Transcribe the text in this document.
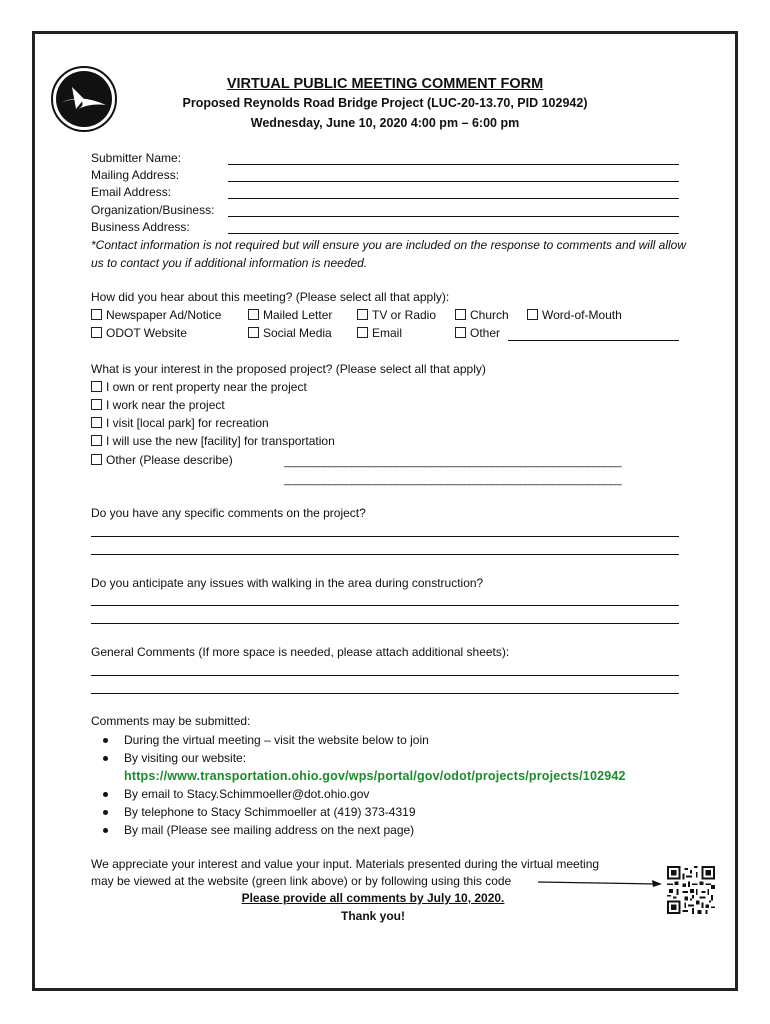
VIRTUAL PUBLIC MEETING COMMENT FORM
Proposed Reynolds Road Bridge Project (LUC-20-13.70, PID 102942)
Wednesday, June 10, 2020 4:00 pm – 6:00 pm
Submitter Name:
Mailing Address:
Email Address:
Organization/Business:
Business Address:
*Contact information is not required but will ensure you are included on the response to comments and will allow us to contact you if additional information is needed.
How did you hear about this meeting? (Please select all that apply):
Newspaper Ad/Notice	Mailed Letter	TV or Radio	Church	Word-of-Mouth
ODOT Website	Social Media	Email	Other
What is your interest in the proposed project? (Please select all that apply)
I own or rent property near the project
I work near the project
I visit [local park] for recreation
I will use the new [facility] for transportation
Other (Please describe)	____________________________________________________________
____________________________________________________________
Do you have any specific comments on the project?
Do you anticipate any issues with walking in the area during construction?
General Comments (If more space is needed, please attach additional sheets):
Comments may be submitted:
During the virtual meeting – visit the website below to join
By visiting our website:
https://www.transportation.ohio.gov/wps/portal/gov/odot/projects/projects/102942
By email to Stacy.Schimmoeller@dot.ohio.gov
By telephone to Stacy Schimmoeller at (419) 373-4319
By mail (Please see mailing address on the next page)
We appreciate your interest and value your input. Materials presented during the virtual meeting
may be viewed at the website (green link above) or by following using this code
Please provide all comments by July 10, 2020.
Thank you!
